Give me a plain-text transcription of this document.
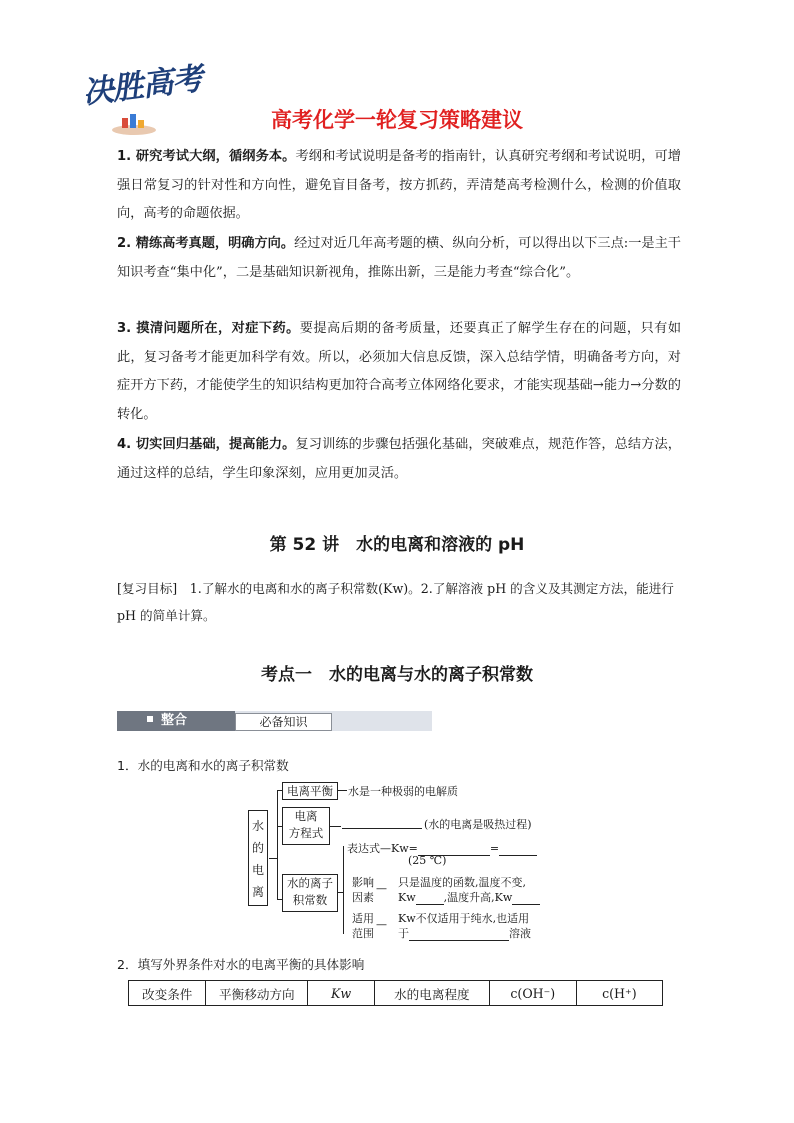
决胜高考
高考化学一轮复习策略建议
1. 研究考试大纲，循纲务本。考纲和考试说明是备考的指南针，认真研究考纲和考试说明，可增强日常复习的针对性和方向性，避免盲目备考，按方抓药，弄清楚高考检测什么，检测的价值取向，高考的命题依据。
2. 精练高考真题，明确方向。经过对近几年高考题的横、纵向分析，可以得出以下三点:一是主干知识考查“集中化”，二是基础知识新视角，推陈出新，三是能力考查“综合化”。
3. 摸清问题所在，对症下药。要提高后期的备考质量，还要真正了解学生存在的问题，只有如此，复习备考才能更加科学有效。所以，必须加大信息反馈，深入总结学情，明确备考方向，对症开方下药，才能使学生的知识结构更加符合高考立体网络化要求，才能实现基础→能力→分数的转化。
4. 切实回归基础，提高能力。复习训练的步骤包括强化基础，突破难点，规范作答，总结方法，通过这样的总结，学生印象深刻，应用更加灵活。
第 52 讲　水的电离和溶液的 pH
[复习目标]　1.了解水的电离和水的离子积常数(Kw)。2.了解溶液 pH 的含义及其测定方法，能进行 pH 的简单计算。
考点一　水的电离与水的离子积常数
整合	必备知识
1．水的电离和水的离子积常数
水
的
电
离
电离平衡	水是一种极弱的电解质
电离
方程式
(水的电离是吸热过程)
水的离子
积常数
表达式—Kw=	=
(25 ℃)
影响
因素
— 只是温度的函数,温度不变,
Kw	,温度升高,Kw
适用
范围
— Kw不仅适用于纯水,也适用
于	溶液
2．填写外界条件对水的电离平衡的具体影响
改变条件	平衡移动方向	Kw	水的电离程度	c(OH⁻)	c(H⁺)
